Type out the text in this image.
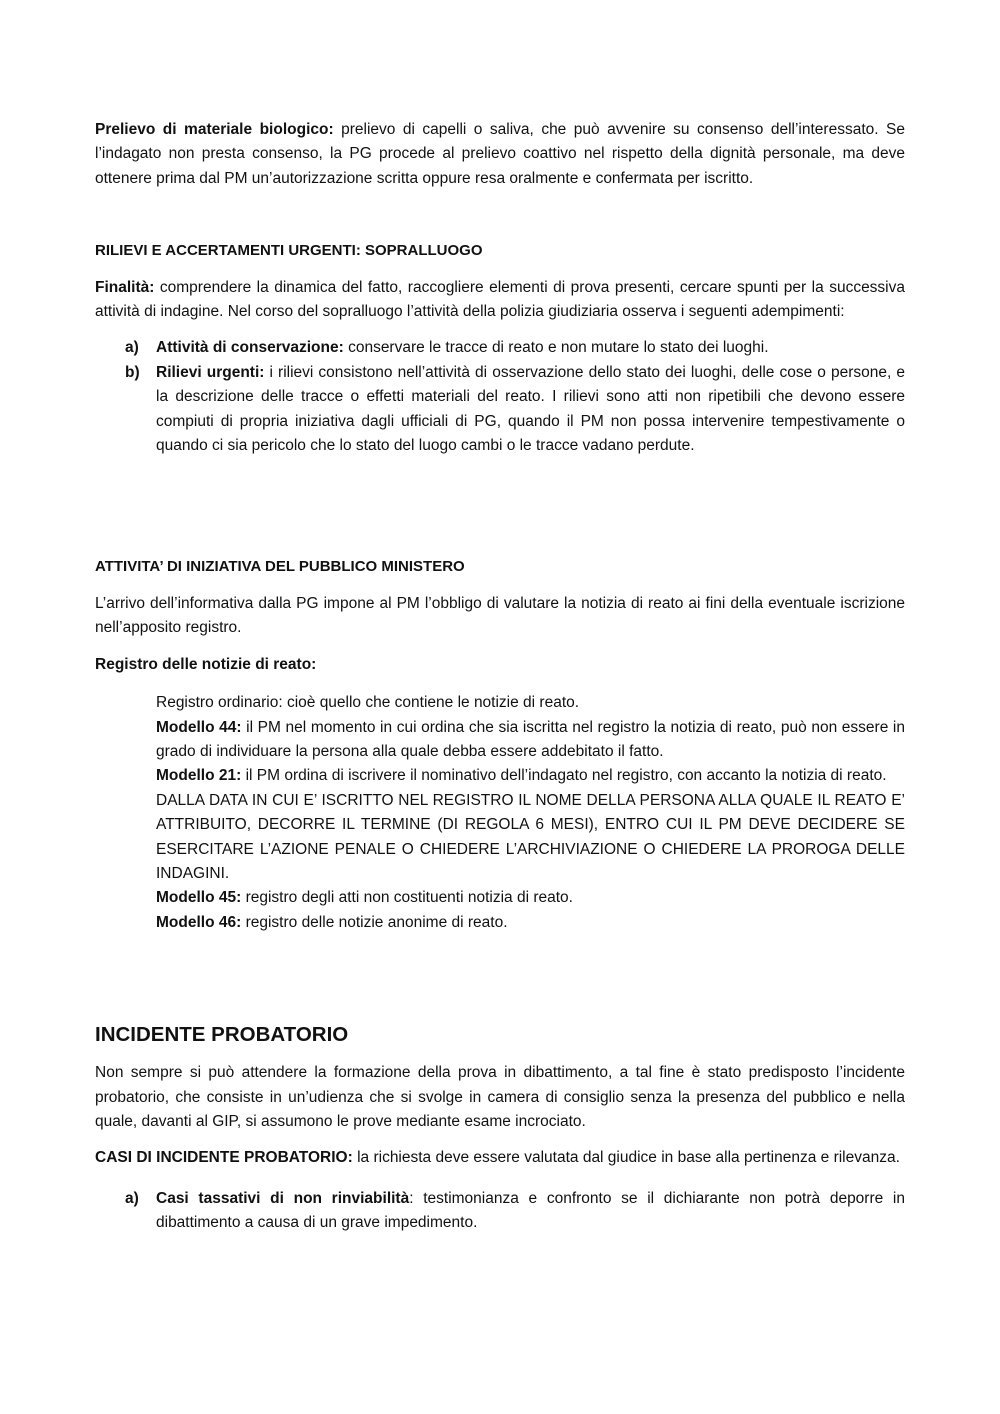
Prelievo di materiale biologico: prelievo di capelli o saliva, che può avvenire su consenso dell’interessato. Se l’indagato non presta consenso, la PG procede al prelievo coattivo nel rispetto della dignità personale, ma deve ottenere prima dal PM un’autorizzazione scritta oppure resa oralmente e confermata per iscritto.

RILIEVI E ACCERTAMENTI URGENTI: SOPRALLUOGO

Finalità: comprendere la dinamica del fatto, raccogliere elementi di prova presenti, cercare spunti per la successiva attività di indagine. Nel corso del sopralluogo l’attività della polizia giudiziaria osserva i seguenti adempimenti:

a) Attività di conservazione: conservare le tracce di reato e non mutare lo stato dei luoghi.
b) Rilievi urgenti: i rilievi consistono nell’attività di osservazione dello stato dei luoghi, delle cose o persone, e la descrizione delle tracce o effetti materiali del reato. I rilievi sono atti non ripetibili che devono essere compiuti di propria iniziativa dagli ufficiali di PG, quando il PM non possa intervenire tempestivamente o quando ci sia pericolo che lo stato del luogo cambi o le tracce vadano perdute.

ATTIVITA’ DI INIZIATIVA DEL PUBBLICO MINISTERO

L’arrivo dell’informativa dalla PG impone al PM l’obbligo di valutare la notizia di reato ai fini della eventuale iscrizione nell’apposito registro.

Registro delle notizie di reato:

Registro ordinario: cioè quello che contiene le notizie di reato.

Modello 44: il PM nel momento in cui ordina che sia iscritta nel registro la notizia di reato, può non essere in grado di individuare la persona alla quale debba essere addebitato il fatto.

Modello 21: il PM ordina di iscrivere il nominativo dell’indagato nel registro, con accanto la notizia di reato.

DALLA DATA IN CUI E’ ISCRITTO NEL REGISTRO IL NOME DELLA PERSONA ALLA QUALE IL REATO E’ ATTRIBUITO, DECORRE IL TERMINE (DI REGOLA 6 MESI), ENTRO CUI IL PM DEVE DECIDERE SE ESERCITARE L’AZIONE PENALE O CHIEDERE L’ARCHIVIAZIONE O CHIEDERE LA PROROGA DELLE INDAGINI.

Modello 45: registro degli atti non costituenti notizia di reato.

Modello 46: registro delle notizie anonime di reato.

INCIDENTE PROBATORIO

Non sempre si può attendere la formazione della prova in dibattimento, a tal fine è stato predisposto l’incidente probatorio, che consiste in un’udienza che si svolge in camera di consiglio senza la presenza del pubblico e nella quale, davanti al GIP, si assumono le prove mediante esame incrociato.

CASI DI INCIDENTE PROBATORIO: la richiesta deve essere valutata dal giudice in base alla pertinenza e rilevanza.

a) Casi tassativi di non rinviabilità: testimonianza e confronto se il dichiarante non potrà deporre in dibattimento a causa di un grave impedimento.
